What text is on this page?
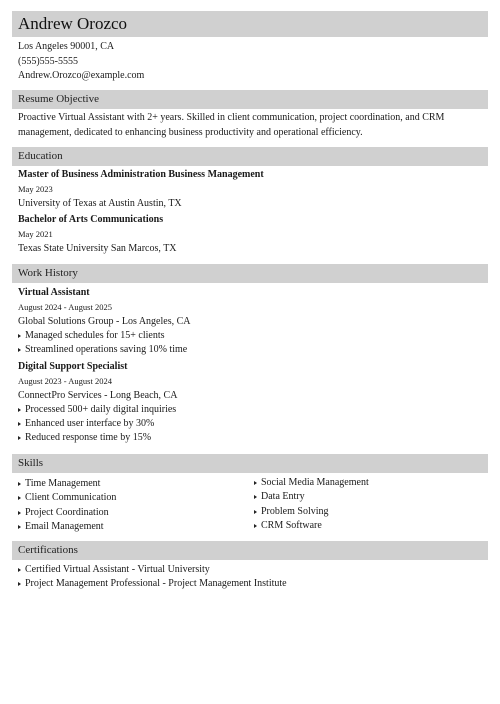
Andrew Orozco
Los Angeles 90001, CA
(555)555-5555
Andrew.Orozco@example.com
Resume Objective
Proactive Virtual Assistant with 2+ years. Skilled in client communication, project coordination, and CRM management, dedicated to enhancing business productivity and operational efficiency.
Education
Master of Business Administration Business Management
May 2023
University of Texas at Austin Austin, TX
Bachelor of Arts Communications
May 2021
Texas State University San Marcos, TX
Work History
Virtual Assistant
August 2024 - August 2025
Global Solutions Group - Los Angeles, CA
Managed schedules for 15+ clients
Streamlined operations saving 10% time
Digital Support Specialist
August 2023 - August 2024
ConnectPro Services - Long Beach, CA
Processed 500+ daily digital inquiries
Enhanced user interface by 30%
Reduced response time by 15%
Skills
Time Management
Client Communication
Project Coordination
Email Management
Social Media Management
Data Entry
Problem Solving
CRM Software
Certifications
Certified Virtual Assistant - Virtual University
Project Management Professional - Project Management Institute
